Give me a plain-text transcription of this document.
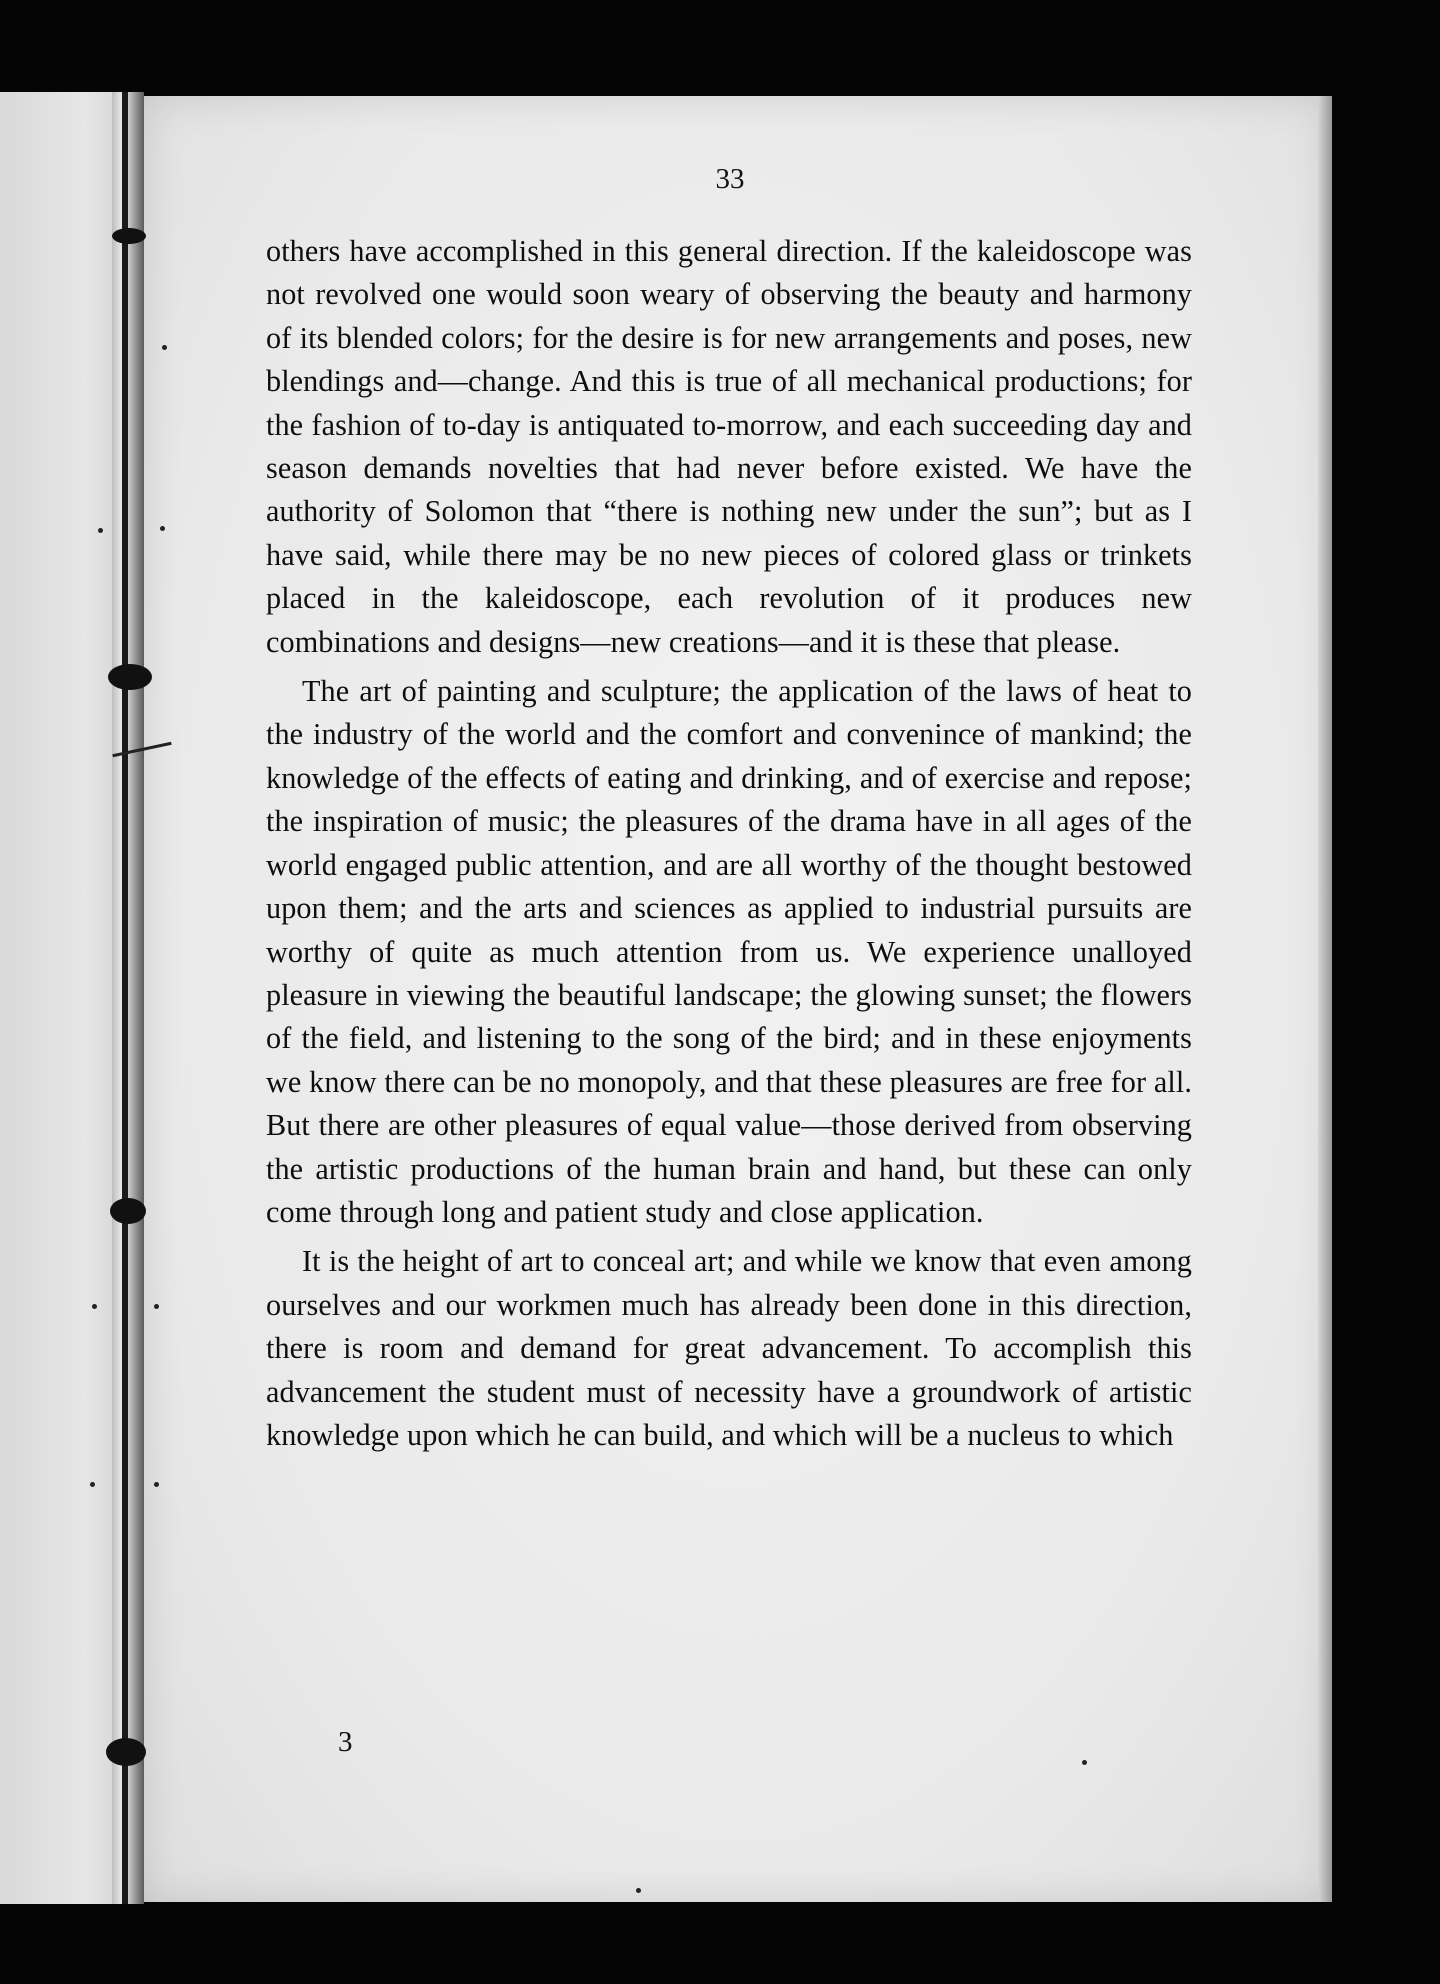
33

others have accomplished in this general direction. If the kaleidoscope was not revolved one would soon weary of observing the beauty and harmony of its blended colors; for the desire is for new arrangements and poses, new blendings and—change. And this is true of all mechanical productions; for the fashion of to-day is antiquated to-morrow, and each succeeding day and season demands novelties that had never before existed. We have the authority of Solomon that “there is nothing new under the sun”; but as I have said, while there may be no new pieces of colored glass or trinkets placed in the kaleidoscope, each revolution of it produces new combinations and designs—new creations—and it is these that please.

The art of painting and sculpture; the application of the laws of heat to the industry of the world and the comfort and convenince of mankind; the knowledge of the effects of eating and drinking, and of exercise and repose; the inspiration of music; the pleasures of the drama have in all ages of the world engaged public attention, and are all worthy of the thought bestowed upon them; and the arts and sciences as applied to industrial pursuits are worthy of quite as much attention from us. We experience unalloyed pleasure in viewing the beautiful landscape; the glowing sunset; the flowers of the field, and listening to the song of the bird; and in these enjoyments we know there can be no monopoly, and that these pleasures are free for all. But there are other pleasures of equal value—those derived from observing the artistic productions of the human brain and hand, but these can only come through long and patient study and close application.

It is the height of art to conceal art; and while we know that even among ourselves and our workmen much has already been done in this direction, there is room and demand for great advancement. To accomplish this advancement the student must of necessity have a groundwork of artistic knowledge upon which he can build, and which will be a nucleus to which

3
